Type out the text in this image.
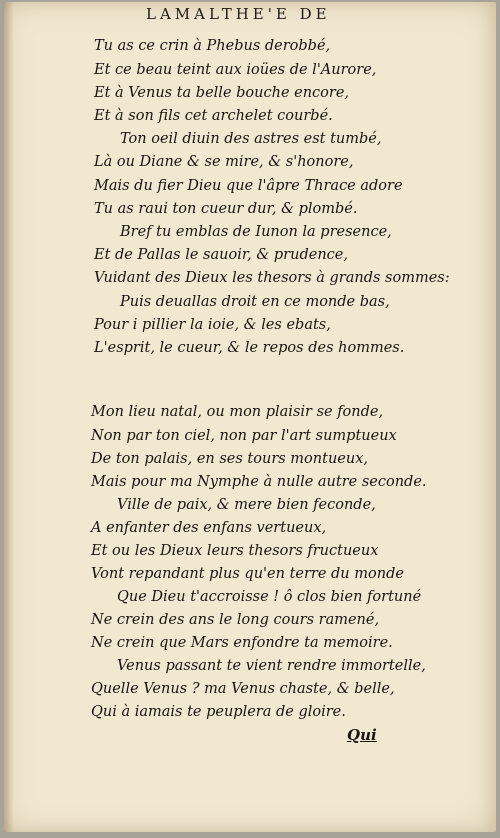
LAMALTHE'E DE
Tu as ce crin à Phebus derobbé,
Et ce beau teint aux ioües de l'Aurore,
Et à Venus ta belle bouche encore,
Et à son fils cet archelet courbé.
Ton oeil diuin des astres est tumbé,
Là ou Diane & se mire, & s'honore,
Mais du fier Dieu que l'âpre Thrace adore
Tu as raui ton cueur dur, & plombé.
Bref tu emblas de Iunon la presence,
Et de Pallas le sauoir, & prudence,
Vuidant des Dieux les thesors à grands sommes:
Puis deuallas droit en ce monde bas,
Pour i pillier la ioie, & les ebats,
L'esprit, le cueur, & le repos des hommes.
Mon lieu natal, ou mon plaisir se fonde,
Non par ton ciel, non par l'art sumptueux
De ton palais, en ses tours montueux,
Mais pour ma Nymphe à nulle autre seconde.
Ville de paix, & mere bien feconde,
A enfanter des enfans vertueux,
Et ou les Dieux leurs thesors fructueux
Vont repandant plus qu'en terre du monde
Que Dieu t'accroisse ! ô clos bien fortuné
Ne crein des ans le long cours ramené,
Ne crein que Mars enfondre ta memoire.
Venus passant te vient rendre immortelle,
Quelle Venus ? ma Venus chaste, & belle,
Qui à iamais te peuplera de gloire.
Qui
